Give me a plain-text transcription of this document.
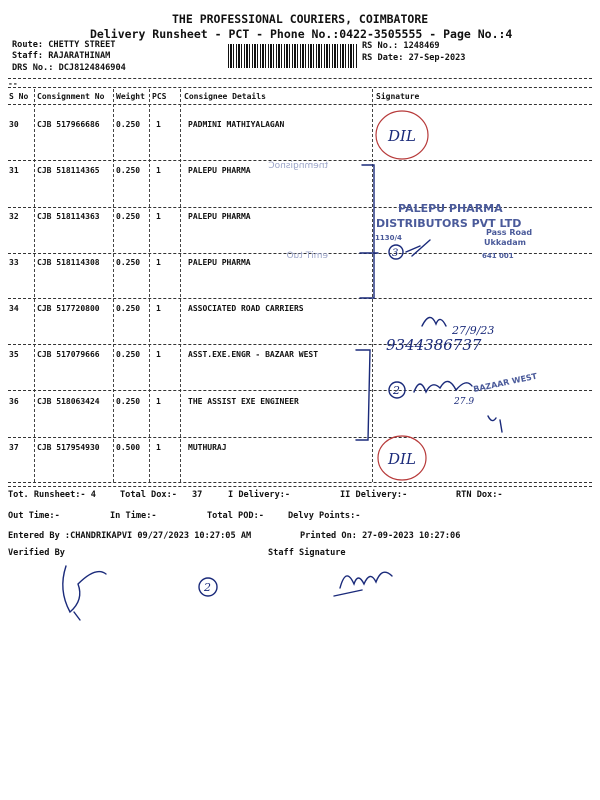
THE PROFESSIONAL COURIERS, COIMBATORE
Delivery Runsheet - PCT - Phone No.:0422-3505555 - Page No.:4
Route: CHETTY STREET
Staff: RAJARATHINAM
DRS No.: DCJ8124846904
RS No.: 1248469
RS Date: 27-Sep-2023
--
S No Consignment No Weight PCS Consignee Details	Signature
30 CJB 517966686 0.250 1	PADMINI MATHIYALAGAN
31 CJB 518114365 0.250 1	PALEPU PHARMA
32 CJB 518114363 0.250 1	PALEPU PHARMA
33 CJB 518114308 0.250 1	PALEPU PHARMA
34 CJB 517720800 0.250 1	ASSOCIATED ROAD CARRIERS
35 CJB 517079666 0.250 1	ASST.EXE.ENGR - BAZAAR WEST
36 CJB 518063424 0.250 1	THE ASSIST EXE ENGINEER
37 CJB 517954930 0.500 1	MUTHURAJ
Tot. Runsheet:- 4	Total Dox:- 37	I Delivery:-	II Delivery:-	RTN Dox:-
Out Time:-	In Time:-	Total POD:-	Delvy Points:-
Entered By :CHANDRIKAPVI 09/27/2023 10:27:05 AM	Printed On: 27-09-2023 10:27:06
Verified By	Staff Signature
DIL
PALEPU PHARMA
DISTRIBUTORS PVT LTD
1130/4
Pass Road
Ukkadam
641 001
3
27/9/23
9344386737
2	BAZAAR WEST
27.9
DIL
tnemngisnoC
emiT tuO
2
